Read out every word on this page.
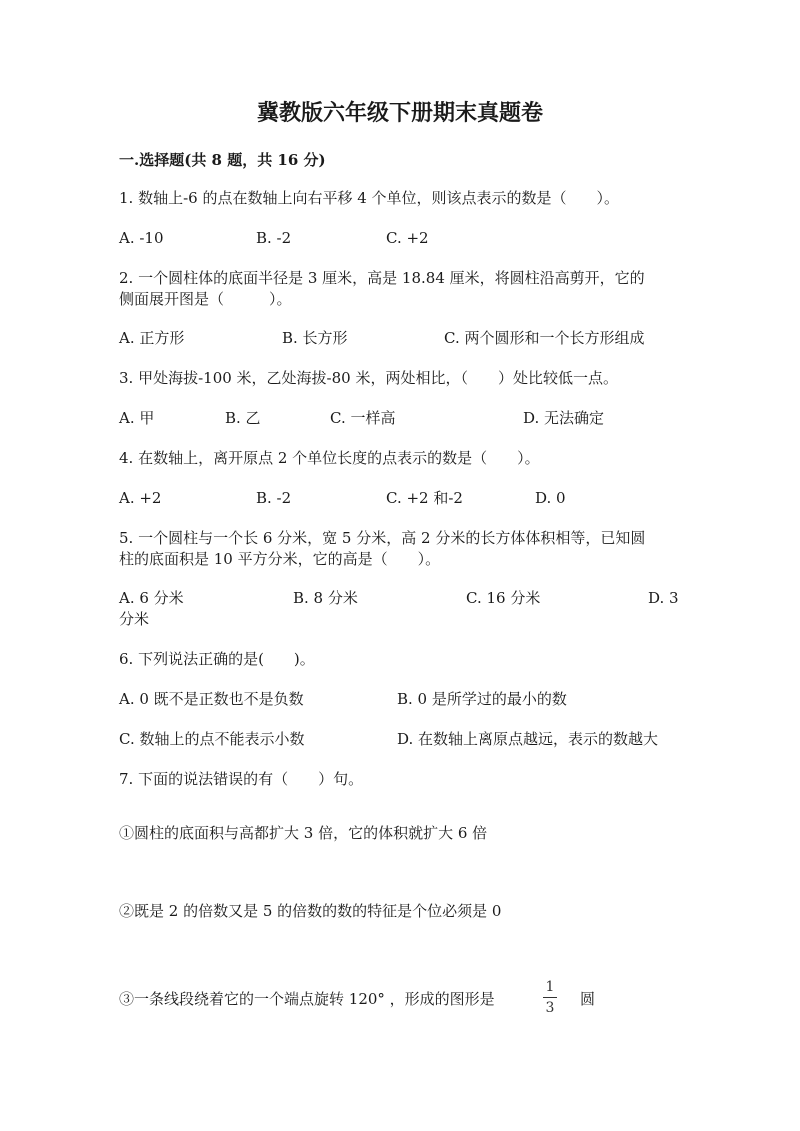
冀教版六年级下册期末真题卷
一.选择题(共 8 题，共 16 分)
1. 数轴上-6 的点在数轴上向右平移 4 个单位，则该点表示的数是（　　）。
A. -10	B. -2	C. +2
2. 一个圆柱体的底面半径是 3 厘米，高是 18.84 厘米，将圆柱沿高剪开，它的
侧面展开图是（　　　）。
A. 正方形	B. 长方形	C. 两个圆形和一个长方形组成
3. 甲处海拔-100 米，乙处海拔-80 米，两处相比，（　　）处比较低一点。
A. 甲	B. 乙	C. 一样高	D. 无法确定
4. 在数轴上，离开原点 2 个单位长度的点表示的数是（　　）。
A. +2	B. -2	C. +2 和-2	D. 0
5. 一个圆柱与一个长 6 分米，宽 5 分米，高 2 分米的长方体体积相等，已知圆
柱的底面积是 10 平方分米，它的高是（　　）。
A. 6 分米	B. 8 分米	C. 16 分米	D. 3
分米
6. 下列说法正确的是(　　)。
A. 0 既不是正数也不是负数	B. 0 是所学过的最小的数
C. 数轴上的点不能表示小数	D. 在数轴上离原点越远，表示的数越大
7. 下面的说法错误的有（　　）句。
①圆柱的底面积与高都扩大 3 倍，它的体积就扩大 6 倍
②既是 2 的倍数又是 5 的倍数的数的特征是个位必须是 0
③一条线段绕着它的一个端点旋转 120° ，形成的图形是
1
3	圆
